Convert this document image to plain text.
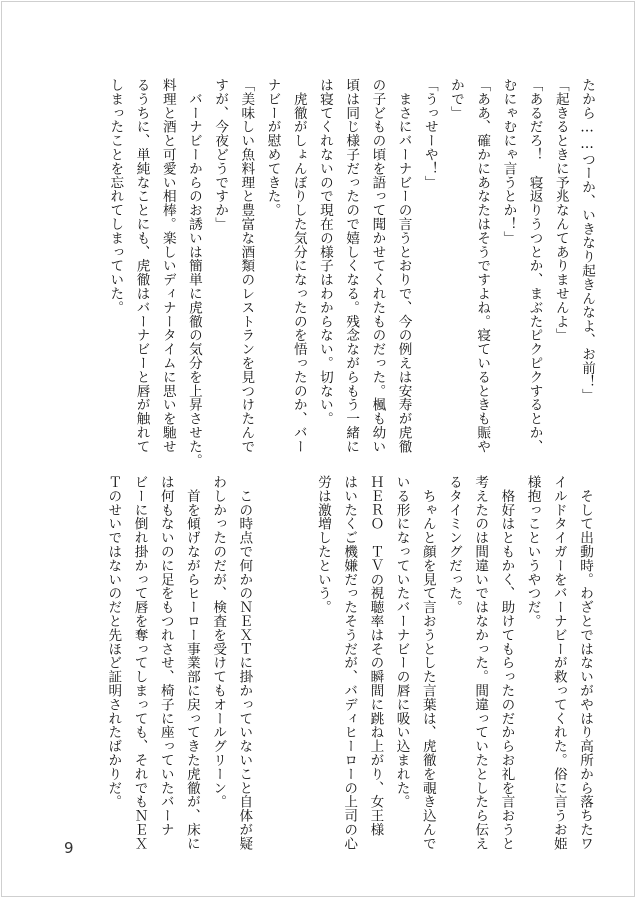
たから……つーか、いきなり起きんなよ、お前！」
「起きるときに予兆なんてありませんよ」
「あるだろ！　寝返りうつとか、まぶたピクピクするとか、
むにゃむにゃ言うとか！」
「ああ、確かにあなたはそうですよね。寝ているときも賑や
かで」
「うっせーや！」
　まさにバーナビーの言うとおりで、今の例えは安寿が虎徹
の子どもの頃を語って聞かせてくれたものだった。楓も幼い
頃は同じ様子だったので嬉しくなる。残念ながらもう一緒に
は寝てくれないので現在の様子はわからない。切ない。
　虎徹がしょんぼりした気分になったのを悟ったのか、バー
ナビーが慰めてきた。
「美味しい魚料理と豊富な酒類のレストランを見つけたんで
すが、今夜どうですか」
　バーナビーからのお誘いは簡単に虎徹の気分を上昇させた。
料理と酒と可愛い相棒。楽しいディナータイムに思いを馳せ
るうちに、単純なことにも、虎徹はバーナビーと唇が触れて
しまったことを忘れてしまっていた。
　そして出動時。わざとではないがやはり高所から落ちたワ
イルドタイガーをバーナビーが救ってくれた。俗に言うお姫
様抱っこというやつだ。
　格好はともかく、助けてもらったのだからお礼を言おうと
考えたのは間違いではなかった。間違っていたとしたら伝え
るタイミングだった。
　ちゃんと顔を見て言おうとした言葉は、虎徹を覗き込んで
いる形になっていたバーナビーの唇に吸い込まれた。
ＨＥＲＯ　ＴＶの視聴率はその瞬間に跳ね上がり、女王様
はいたくご機嫌だったそうだが、バディヒーローの上司の心
労は激増したという。

　この時点で何かのＮＥＸＴに掛かっていないこと自体が疑
わしかったのだが、検査を受けてもオールグリーン。
　首を傾げながらヒーロー事業部に戻ってきた虎徹が、床に
は何もないのに足をもつれさせ、椅子に座っていたバーナ
ビーに倒れ掛かって唇を奪ってしまっても、それでもＮＥＸ
Ｔのせいではないのだと先ほど証明されたばかりだ。
9
